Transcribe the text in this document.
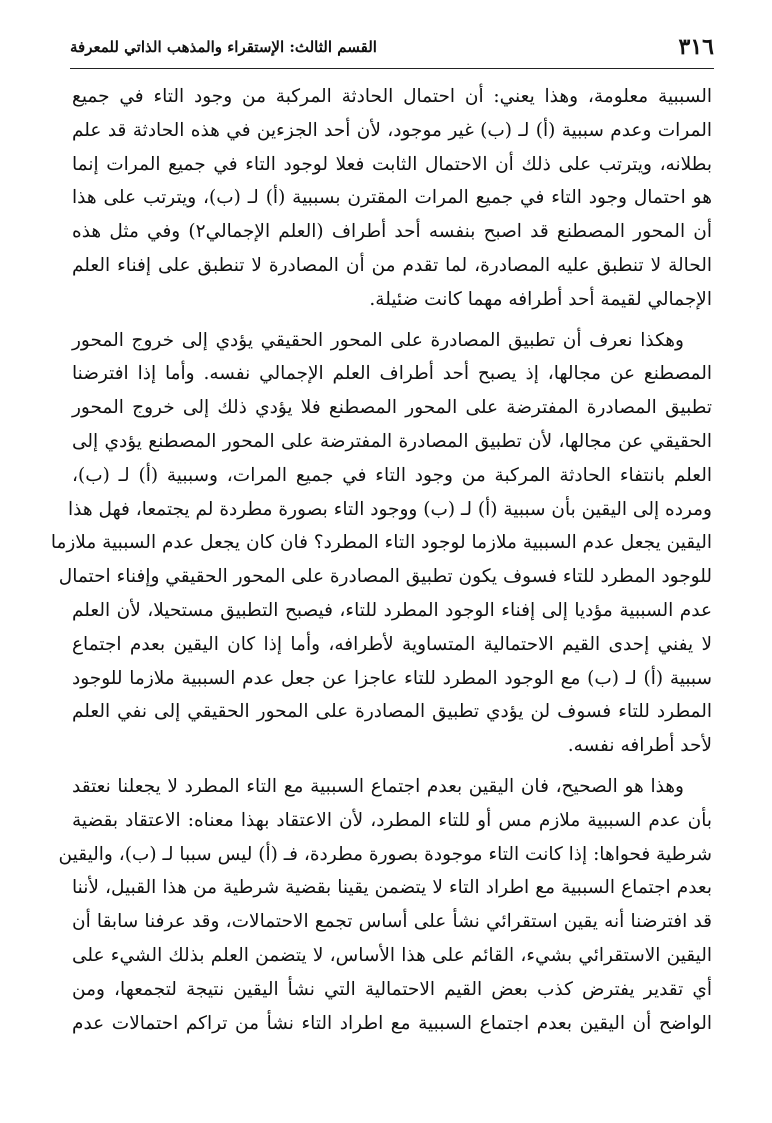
٣١٦
القسم الثالث: الإستقراء والمذهب الذاتي للمعرفة
السببية معلومة، وهذا يعني: أن احتمال الحادثة المركبة من وجود التاء في جميع
المرات وعدم سببية (أ) لـ (ب) غير موجود، لأن أحد الجزءين في هذه الحادثة قد علم
بطلانه، ويترتب على ذلك أن الاحتمال الثابت فعلا لوجود التاء في جميع المرات إنما
هو احتمال وجود التاء في جميع المرات المقترن بسببية (أ) لـ (ب)، ويترتب على هذا
أن المحور المصطنع قد اصبح بنفسه أحد أطراف (العلم الإجمالي٢) وفي مثل هذه
الحالة لا تنطبق عليه المصادرة، لما تقدم من أن المصادرة لا تنطبق على إفناء العلم
الإجمالي لقيمة أحد أطرافه مهما كانت ضئيلة.
وهكذا نعرف أن تطبيق المصادرة على المحور الحقيقي يؤدي إلى خروج المحور
المصطنع عن مجالها، إذ يصبح أحد أطراف العلم الإجمالي نفسه. وأما إذا افترضنا
تطبيق المصادرة المفترضة على المحور المصطنع فلا يؤدي ذلك إلى خروج المحور
الحقيقي عن مجالها، لأن تطبيق المصادرة المفترضة على المحور المصطنع يؤدي إلى
العلم بانتفاء الحادثة المركبة من وجود التاء في جميع المرات، وسببية (أ) لـ (ب)،
ومرده إلى اليقين بأن سببية (أ) لـ (ب) ووجود التاء بصورة مطردة لم يجتمعا، فهل هذا
اليقين يجعل عدم السببية ملازما لوجود التاء المطرد؟ فان كان يجعل عدم السببية ملازما
للوجود المطرد للتاء فسوف يكون تطبيق المصادرة على المحور الحقيقي وإفناء احتمال
عدم السببية مؤديا إلى إفناء الوجود المطرد للتاء، فيصبح التطبيق مستحيلا، لأن العلم
لا يفني إحدى القيم الاحتمالية المتساوية لأطرافه، وأما إذا كان اليقين بعدم اجتماع
سببية (أ) لـ (ب) مع الوجود المطرد للتاء عاجزا عن جعل عدم السببية ملازما للوجود
المطرد للتاء فسوف لن يؤدي تطبيق المصادرة على المحور الحقيقي إلى نفي العلم
لأحد أطرافه نفسه.
وهذا هو الصحيح، فان اليقين بعدم اجتماع السببية مع التاء المطرد لا يجعلنا نعتقد
بأن عدم السببية ملازم مس أو للتاء المطرد، لأن الاعتقاد بهذا معناه: الاعتقاد بقضية
شرطية فحواها: إذا كانت التاء موجودة بصورة مطردة، فـ (أ) ليس سببا لـ (ب)، واليقين
بعدم اجتماع السببية مع اطراد التاء لا يتضمن يقينا بقضية شرطية من هذا القبيل، لأننا
قد افترضنا أنه يقين استقرائي نشأ على أساس تجمع الاحتمالات، وقد عرفنا سابقا أن
اليقين الاستقرائي بشيء، القائم على هذا الأساس، لا يتضمن العلم بذلك الشيء على
أي تقدير يفترض كذب بعض القيم الاحتمالية التي نشأ اليقين نتيجة لتجمعها، ومن
الواضح أن اليقين بعدم اجتماع السببية مع اطراد التاء نشأ من تراكم احتمالات عدم
